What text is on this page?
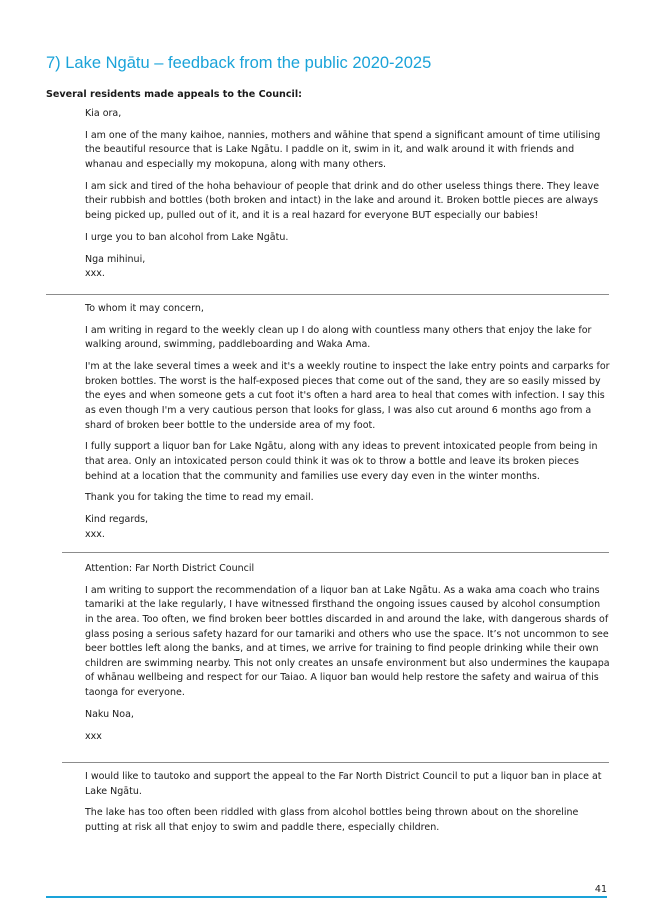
7) Lake Ngātu – feedback from the public 2020-2025

Several residents made appeals to the Council:

Kia ora,

I am one of the many kaihoe, nannies, mothers and wāhine that spend a significant amount of time utilising the beautiful resource that is Lake Ngātu. I paddle on it, swim in it, and walk around it with friends and whanau and especially my mokopuna, along with many others.

I am sick and tired of the hoha behaviour of people that drink and do other useless things there. They leave their rubbish and bottles (both broken and intact) in the lake and around it. Broken bottle pieces are always being picked up, pulled out of it, and it is a real hazard for everyone BUT especially our babies!

I urge you to ban alcohol from Lake Ngātu.

Nga mihinui,

xxx.

To whom it may concern,

I am writing in regard to the weekly clean up I do along with countless many others that enjoy the lake for walking around, swimming, paddleboarding and Waka Ama.

I'm at the lake several times a week and it's a weekly routine to inspect the lake entry points and carparks for broken bottles. The worst is the half-exposed pieces that come out of the sand, they are so easily missed by the eyes and when someone gets a cut foot it's often a hard area to heal that comes with infection. I say this as even though I'm a very cautious person that looks for glass, I was also cut around 6 months ago from a shard of broken beer bottle to the underside area of my foot.

I fully support a liquor ban for Lake Ngātu, along with any ideas to prevent intoxicated people from being in that area. Only an intoxicated person could think it was ok to throw a bottle and leave its broken pieces behind at a location that the community and families use every day even in the winter months.

Thank you for taking the time to read my email.

Kind regards,

xxx.

Attention: Far North District Council

I am writing to support the recommendation of a liquor ban at Lake Ngātu. As a waka ama coach who trains tamariki at the lake regularly, I have witnessed firsthand the ongoing issues caused by alcohol consumption in the area. Too often, we find broken beer bottles discarded in and around the lake, with dangerous shards of glass posing a serious safety hazard for our tamariki and others who use the space. It’s not uncommon to see beer bottles left along the banks, and at times, we arrive for training to find people drinking while their own children are swimming nearby. This not only creates an unsafe environment but also undermines the kaupapa of whānau wellbeing and respect for our Taiao. A liquor ban would help restore the safety and wairua of this taonga for everyone.

Naku Noa,

xxx

I would like to tautoko and support the appeal to the Far North District Council to put a liquor ban in place at Lake Ngātu.

The lake has too often been riddled with glass from alcohol bottles being thrown about on the shoreline putting at risk all that enjoy to swim and paddle there, especially children.

41
